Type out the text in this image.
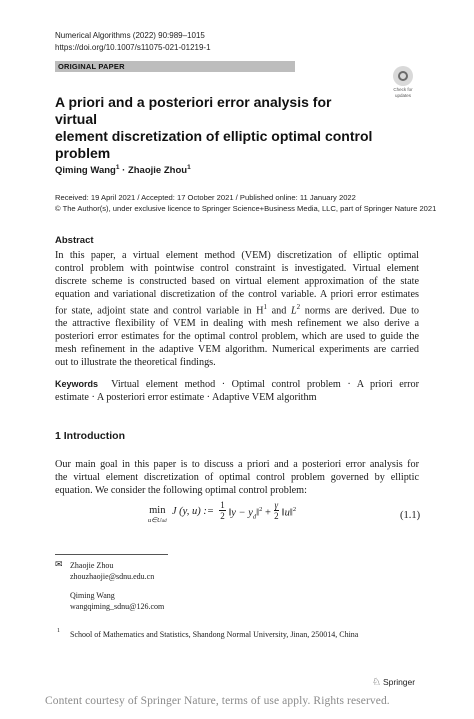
Numerical Algorithms (2022) 90:989–1015
https://doi.org/10.1007/s11075-021-01219-1
ORIGINAL PAPER
Check for
updates
A priori and a posteriori error analysis for virtual
element discretization of elliptic optimal control
problem
Qiming Wang$^1$ · Zhaojie Zhou$^1$
Received: 19 April 2021 / Accepted: 17 October 2021 / Published online: 11 January 2022
© The Author(s), under exclusive licence to Springer Science+Business Media, LLC, part of Springer Nature 2021
Abstract
In this paper, a virtual element method (VEM) discretization of elliptic optimal
control problem with pointwise control constraint is investigated. Virtual element
discrete scheme is constructed based on virtual element approximation of the state
equation and variational discretization of the control variable. A priori error estimates
for state, adjoint state and control variable in $H^1$ and $L^2$ norms are derived. Due to
the attractive flexibility of VEM in dealing with mesh refinement we also derive a
posteriori error estimates for the optimal control problem, which are used to guide the
mesh refinement in the adaptive VEM algorithm. Numerical experiments are carried
out to illustrate the theoretical findings.
Keywords Virtual element method · Optimal control problem · A priori error
estimate · A posteriori error estimate · Adaptive VEM algorithm
1 Introduction
Our main goal in this paper is to discuss a priori and a posteriori error analysis for
the virtual element discretization of optimal control problem governed by elliptic
equation. We consider the following optimal control problem:
min
u∈Uad
J (y, u) := $\frac{1}{2}$ ‖y − $y_d‖^2 + \frac{\gamma}{2}$ ‖u‖$^2$
(1.1)
✉ Zhaojie Zhou
zhouzhaojie@sdnu.edu.cn
Qiming Wang
wangqiming_sdnu@126.com
1 School of Mathematics and Statistics, Shandong Normal University, Jinan, 250014, China
♘ Springer
Content courtesy of Springer Nature, terms of use apply. Rights reserved.
